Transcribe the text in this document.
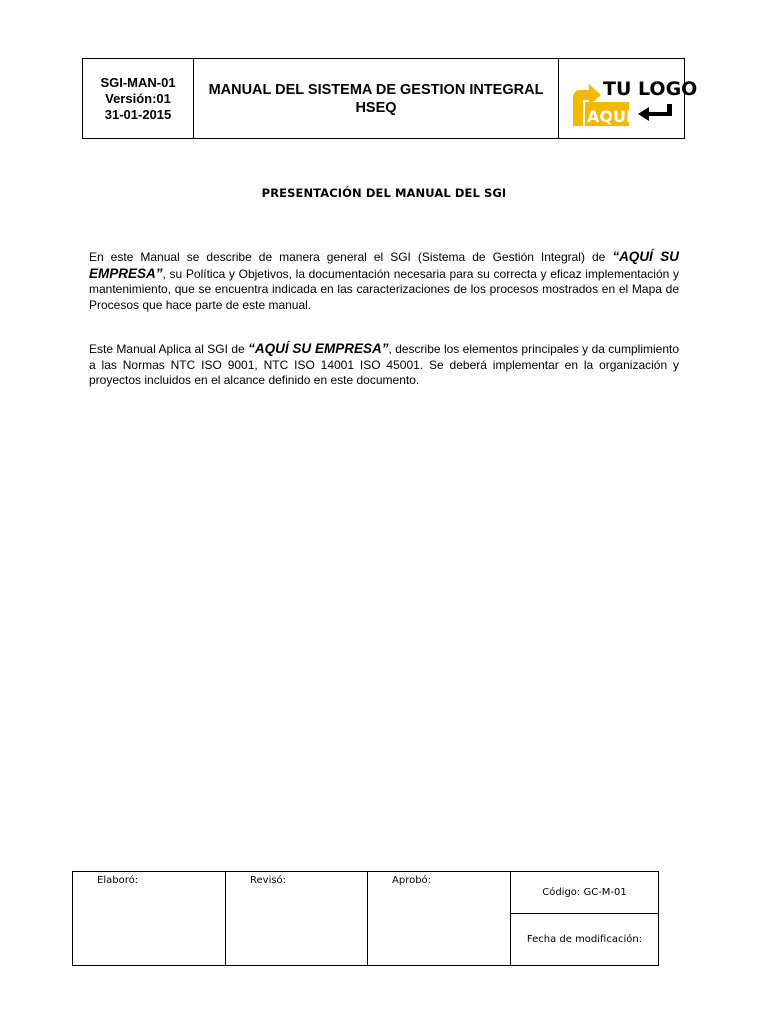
SGI-MAN-01
Versión:01
31-01-2015
MANUAL DEL SISTEMA DE GESTION INTEGRAL
HSEQ
TU LOGO
AQUI
PRESENTACIÓN DEL MANUAL DEL SGI
En este Manual se describe de manera general el SGI (Sistema de Gestión Integral) de “AQUÍ SU EMPRESA”, su Política y Objetivos, la documentación necesaria para su correcta y eficaz implementación y mantenimiento, que se encuentra indicada en las caracterizaciones de los procesos mostrados en el Mapa de Procesos que hace parte de este manual.
Este Manual Aplica al SGI de “AQUÍ SU EMPRESA”, describe los elementos principales y da cumplimiento a las Normas NTC ISO 9001, NTC ISO 14001 ISO 45001. Se deberá implementar en la organización y proyectos incluidos en el alcance definido en este documento.
Elaboró:	Revisó:	Aprobó:
Código: GC-M-01
Fecha de modificación:
